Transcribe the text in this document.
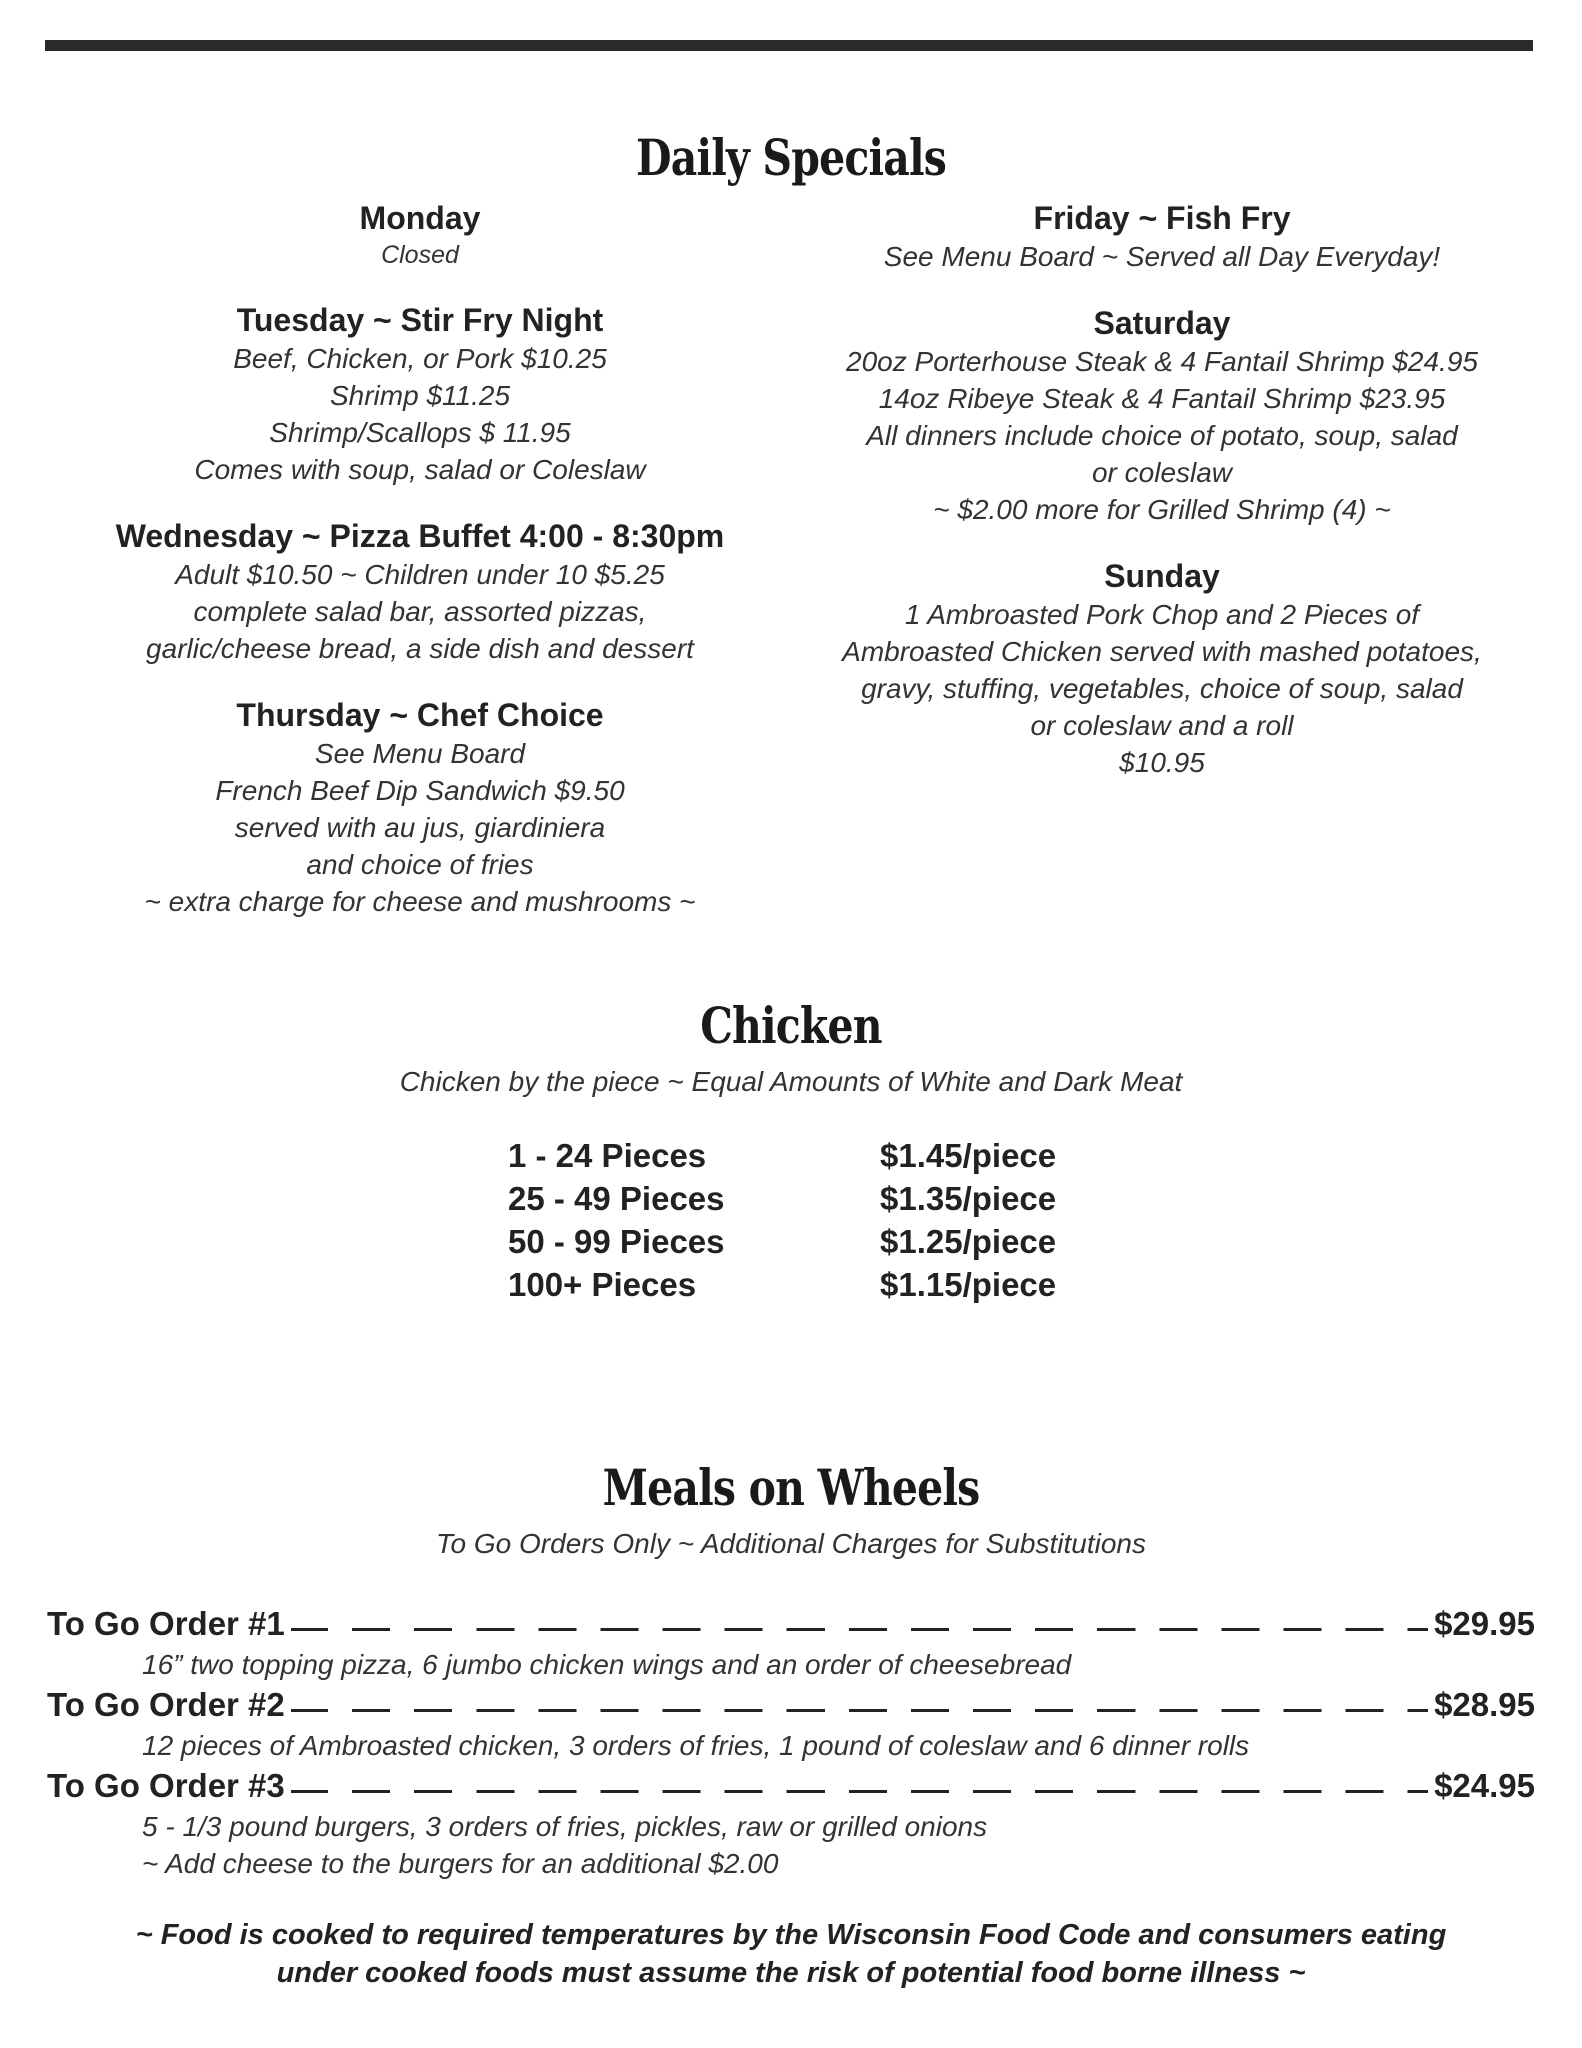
Daily Specials
Monday
Closed
Tuesday ~ Stir Fry Night
Beef, Chicken, or Pork $10.25
Shrimp $11.25
Shrimp/Scallops $ 11.95
Comes with soup, salad or Coleslaw
Wednesday ~ Pizza Buffet 4:00 - 8:30pm
Adult $10.50 ~ Children under 10 $5.25
complete salad bar, assorted pizzas,
garlic/cheese bread, a side dish and dessert
Thursday ~ Chef Choice
See Menu Board
French Beef Dip Sandwich $9.50
served with au jus, giardiniera
and choice of fries
~ extra charge for cheese and mushrooms ~
Friday ~ Fish Fry
See Menu Board ~ Served all Day Everyday!
Saturday
20oz Porterhouse Steak & 4 Fantail Shrimp $24.95
14oz Ribeye Steak & 4 Fantail Shrimp $23.95
All dinners include choice of potato, soup, salad
or coleslaw
~ $2.00 more for Grilled Shrimp (4) ~
Sunday
1 Ambroasted Pork Chop and 2 Pieces of
Ambroasted Chicken served with mashed potatoes,
gravy, stuffing, vegetables, choice of soup, salad
or coleslaw and a roll
$10.95
Chicken

Chicken by the piece ~ Equal Amounts of White and Dark Meat

1 - 24 Pieces	$1.45/piece
25 - 49 Pieces	$1.35/piece
50 - 99 Pieces	$1.25/piece
100+ Pieces	$1.15/piece
Meals on Wheels

To Go Orders Only ~ Additional Charges for Substitutions

To Go Order #1	$29.95
16” two topping pizza, 6 jumbo chicken wings and an order of cheesebread
To Go Order #2	$28.95
12 pieces of Ambroasted chicken, 3 orders of fries, 1 pound of coleslaw and 6 dinner rolls
To Go Order #3	$24.95
5 - 1/3 pound burgers, 3 orders of fries, pickles, raw or grilled onions
~ Add cheese to the burgers for an additional $2.00
~ Food is cooked to required temperatures by the Wisconsin Food Code and consumers eating
under cooked foods must assume the risk of potential food borne illness ~
